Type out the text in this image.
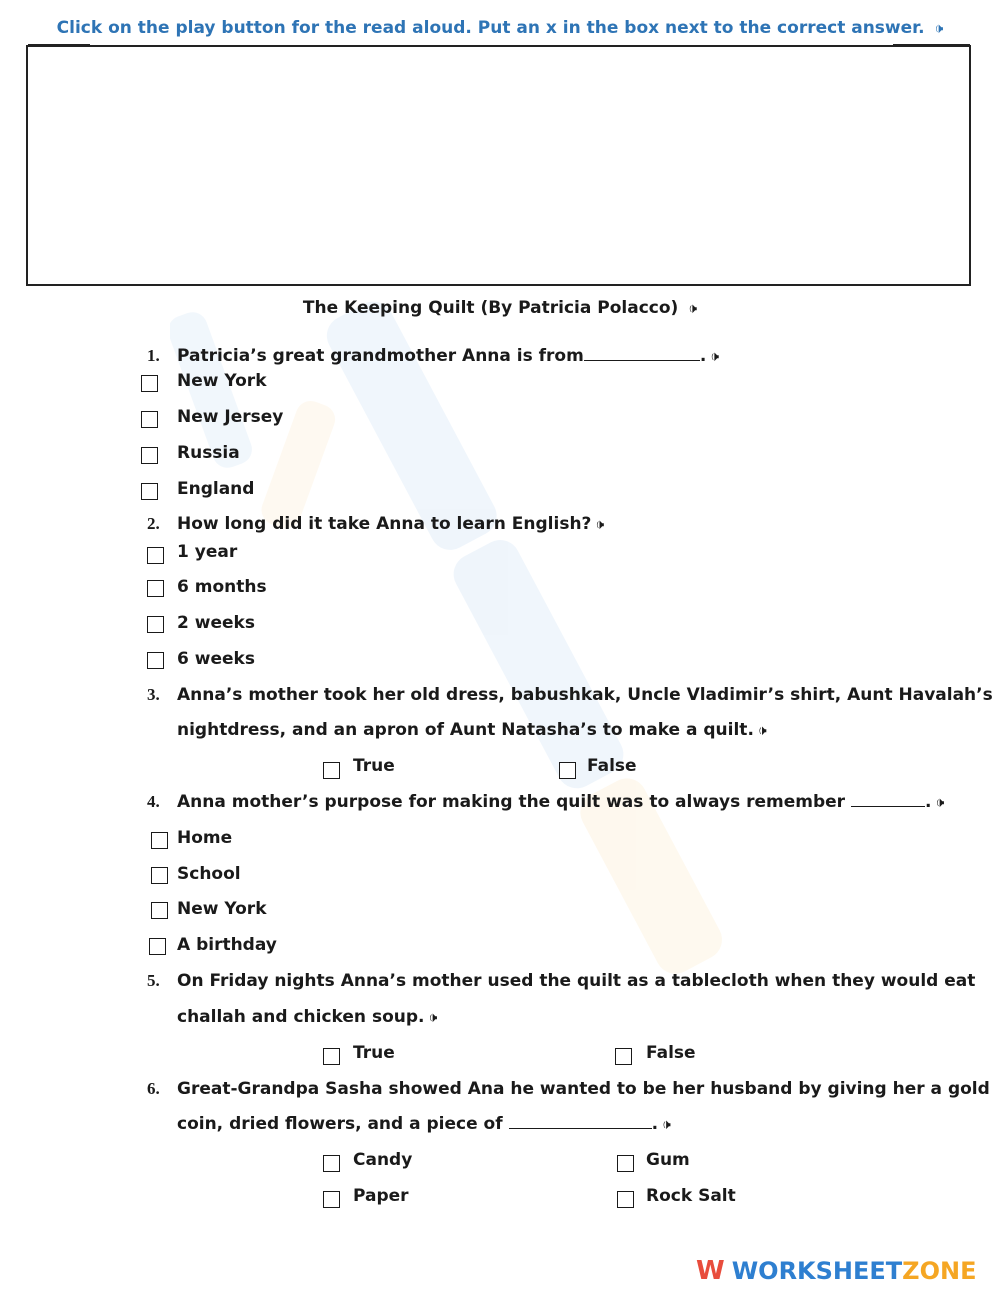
Click on the play button for the read aloud. Put an x in the box next to the correct answer. 🕩
The Keeping Quilt (By Patricia Polacco) 🕩
1. Patricia’s great grandmother Anna is from	. 🕩
New York
New Jersey
Russia
England
2. How long did it take Anna to learn English? 🕩
1 year
6 months
2 weeks
6 weeks
3. Anna’s mother took her old dress, babushkak, Uncle Vladimir’s shirt, Aunt Havalah’s
nightdress, and an apron of Aunt Natasha’s to make a quilt. 🕩
True	False
4. Anna mother’s purpose for making the quilt was to always remember	. 🕩
Home
School
New York
A birthday
5. On Friday nights Anna’s mother used the quilt as a tablecloth when they would eat
challah and chicken soup. 🕩
True	False
6. Great-Grandpa Sasha showed Ana he wanted to be her husband by giving her a gold
coin, dried flowers, and a piece of	. 🕩
Candy	Gum
Paper	Rock Salt
W WORKSHEETZONE
